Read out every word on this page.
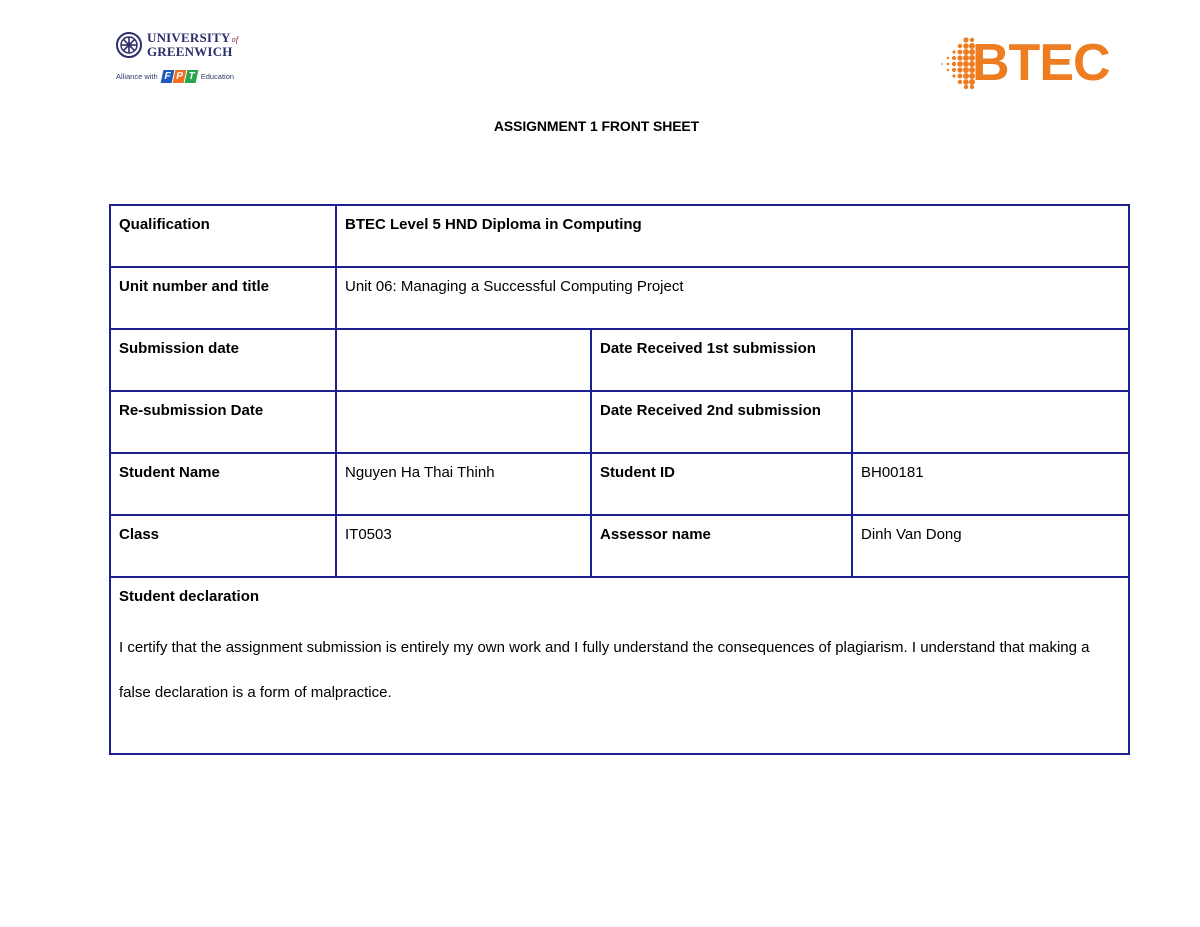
UNIVERSITYof
GREENWICH
Alliance with F P T Education	BTEC
ASSIGNMENT 1 FRONT SHEET
Qualification	BTEC Level 5 HND Diploma in Computing		
Unit number and title	Unit 06: Managing a Successful Computing Project		
Submission date		Date Received 1st submission	
Re-submission Date		Date Received 2nd submission	
Student Name	Nguyen Ha Thai Thinh	Student ID	BH00181
Class	IT0503	Assessor name	Dinh Van Dong

Student declaration
I certify that the assignment submission is entirely my own work and I fully understand the consequences of plagiarism. I understand that making a false declaration is a form of malpractice.			
